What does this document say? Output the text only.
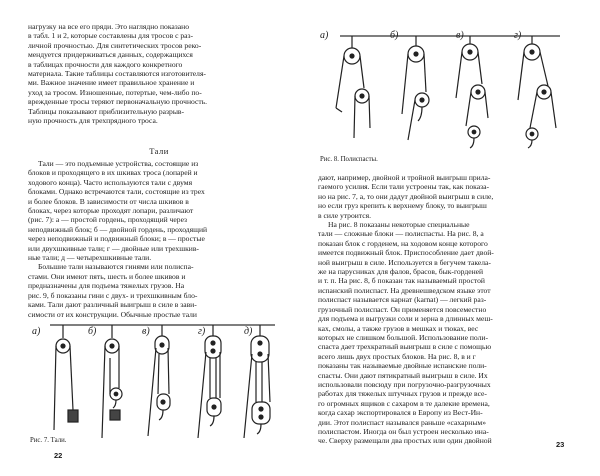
нагрузку на все его пряди. Это наглядно показано
в табл. 1 и 2, которые составлены для тросов с раз-
личной прочностью. Для синтетических тросов реко-
мендуется придерживаться данных, содержащихся
в таблицах прочности для каждого конкретного
материала. Такие таблицы составляются изготовителя-
ми. Важное значение имеет правильное хранение и
уход за тросом. Изношенные, потертые, чем-либо по-
врежденные тросы теряют первоначальную прочность.
Таблицы показывают приблизительную разрыв-
ную прочность для трехпрядного троса.
Тали
Тали — это подъемные устройства, состоящие из
блоков и проходящего в их шкивах троса (лопарей и
ходового конца). Часто используются тали с двумя
блоками. Однако встречаются тали, состоящие из трех
и более блоков. В зависимости от числа шкивов в
блоках, через которые проходят лопари, различают
(рис. 7): а — простой гордень, проходящий через
неподвижный блок; б — двойной гордень, проходящий
через неподвижный и подвижный блоки; в — простые
или двухшкивные тали; г — двойные или трехшкив-
ные тали; д — четырехшкивные тали.
Большие тали называются гинями или полиспа-
стами. Они имеют пять, шесть и более шкивов и
предназначены для подъема тяжелых грузов. На
рис. 9, б показаны гини с двух- и трехшкивным бло-
ками. Тали дают различный выигрыш в силе в зави-
симости от их конструкции. Обычные простые тали
а)	б)	в)	г)	д)
Рис. 7. Тали.
22
а)	б)	в)	г)
Рис. 8. Полиспасты.
дают, например, двойной и тройной выигрыш прила-
гаемого усилия. Если тали устроены так, как показа-
но на рис. 7, а, то они дадут двойной выигрыш в силе,
но если груз крепить к верхнему блоку, то выигрыш
в силе утроится.
На рис. 8 показаны некоторые специальные
тали — сложные блоки — полиспасты. На рис. 8, а
показан блок с горденем, на ходовом конце которого
имеется подвижный блок. Приспособление дает двой-
ной выигрыш в силе. Используется в бегучем такела-
же на парусниках для фалов, брасов, бык-горденей
и т. п. На рис. 8, б показан так называемый простой
испанский полиспаст. На древнешведском языке этот
полиспаст называется карнат (karnat) — легкий раз-
грузочный полиспаст. Он применяется повсеместно
для подъема и выгрузки соли и зерна в длинных меш-
ках, смолы, а также грузов в мешках и тюках, вес
которых не слишком большой. Использование поли-
спаста дает трехкратный выигрыш в силе с помощью
всего лишь двух простых блоков. На рис. 8, в и г
показаны так называемые двойные испанские поли-
спасты. Они дают пятикратный выигрыш в силе. Их
использовали повсюду при погрузочно-разгрузочных
работах для тяжелых штучных грузов и прежде все-
го огромных ящиков с сахаром в те далекие времена,
когда сахар экспортировался в Европу из Вест-Ин-
дии. Этот полиспаст назывался раньше «сахарным»
полиспастом. Иногда он был устроен несколько ина-
че. Сверху размещали два простых или один двойной	23
